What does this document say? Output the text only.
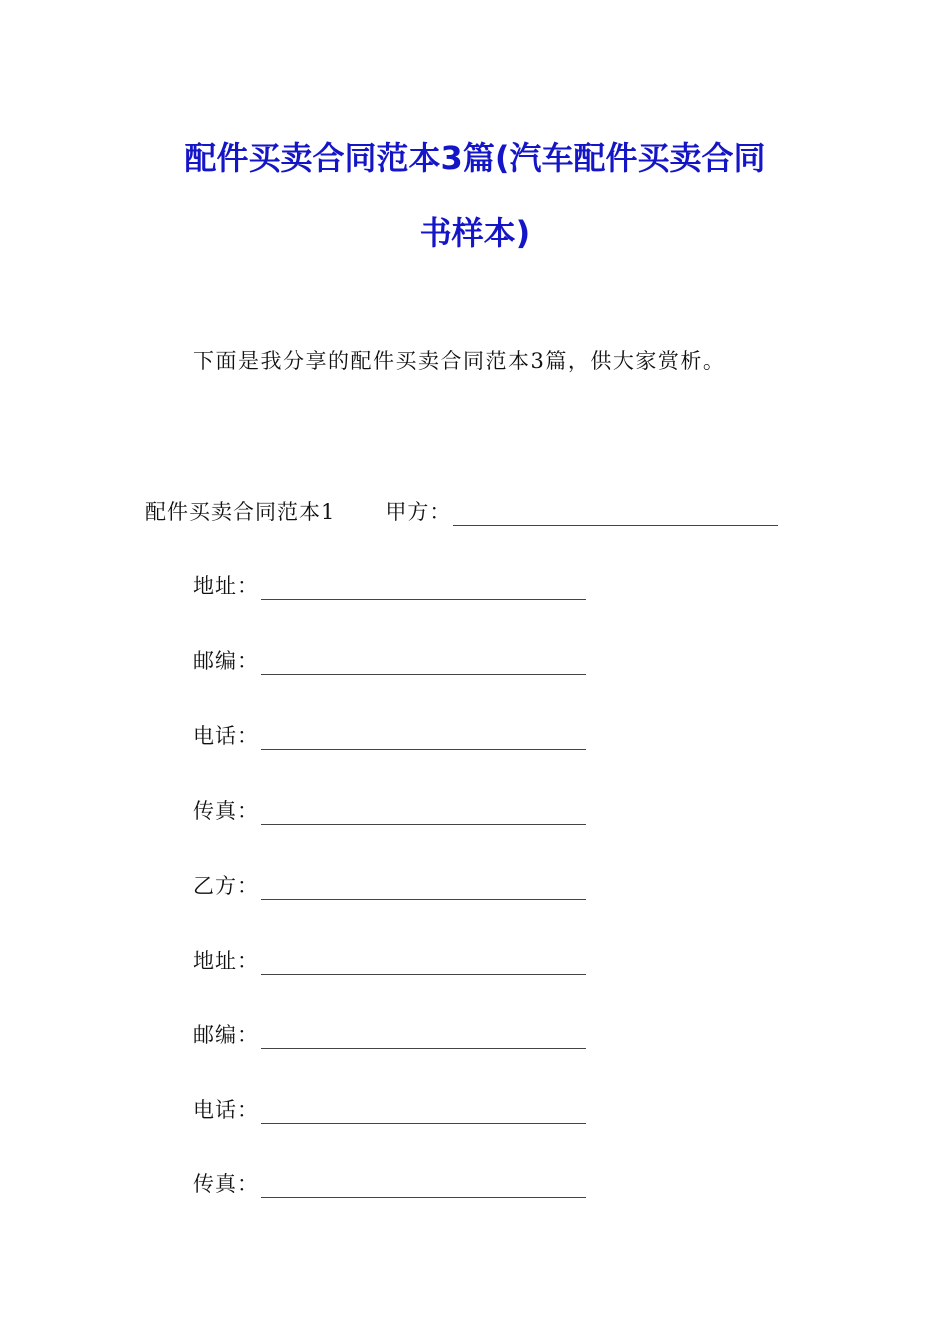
配件买卖合同范本3篇(汽车配件买卖合同
书样本)
下面是我分享的配件买卖合同范本3篇，供大家赏析。
配件买卖合同范本1 甲方：
地址：
邮编：
电话：
传真：
乙方：
地址：
邮编：
电话：
传真：
